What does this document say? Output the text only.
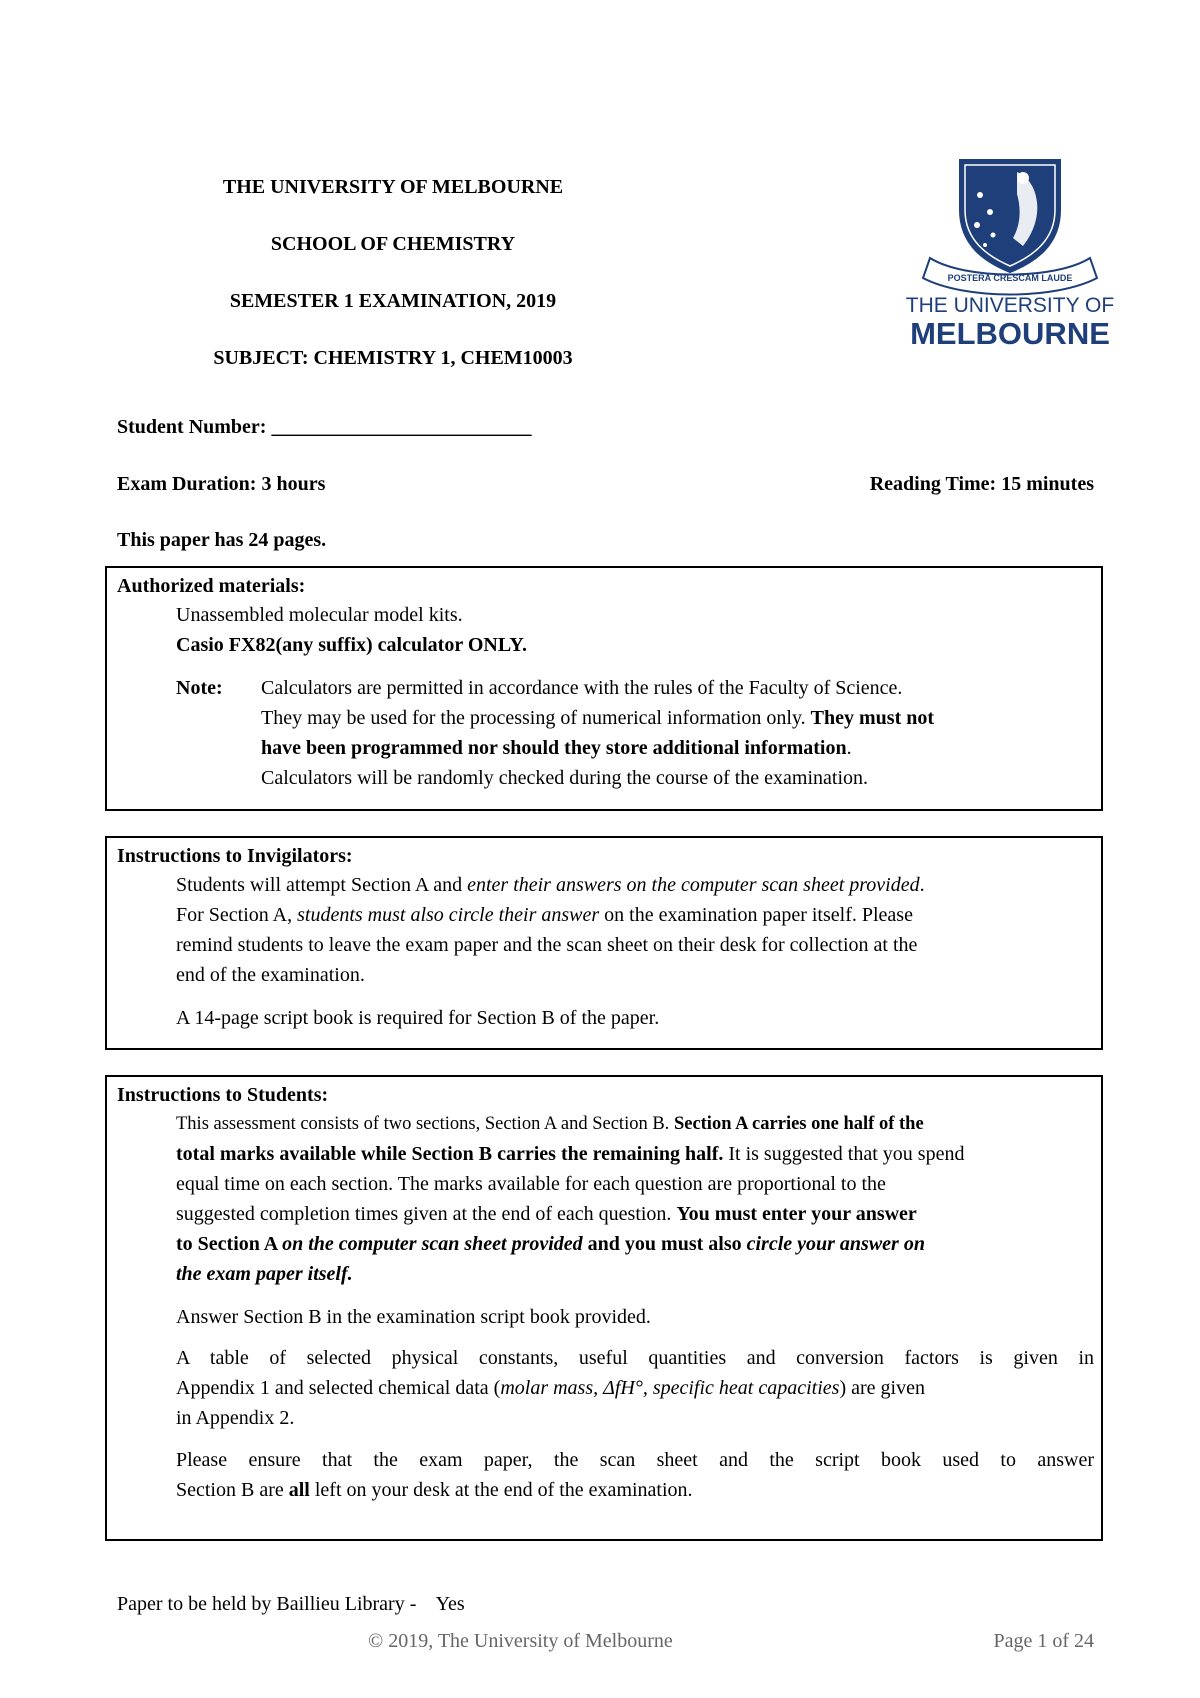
THE UNIVERSITY OF MELBOURNE
SCHOOL OF CHEMISTRY
SEMESTER 1 EXAMINATION, 2019
SUBJECT: CHEMISTRY 1, CHEM10003
POSTERA CRESCAM LAUDE
THE UNIVERSITY OF
MELBOURNE
Student Number: __________________________
Exam Duration: 3 hours	Reading Time: 15 minutes
This paper has 24 pages.
Authorized materials:
Unassembled molecular model kits.
Casio FX82(any suffix) calculator ONLY.
Note: Calculators are permitted in accordance with the rules of the Faculty of Science.
They may be used for the processing of numerical information only. They must not
have been programmed nor should they store additional information.
Calculators will be randomly checked during the course of the examination.
Instructions to Invigilators:
Students will attempt Section A and enter their answers on the computer scan sheet provided.
For Section A, students must also circle their answer on the examination paper itself. Please
remind students to leave the exam paper and the scan sheet on their desk for collection at the
end of the examination.
A 14-page script book is required for Section B of the paper.
Instructions to Students:
This assessment consists of two sections, Section A and Section B. Section A carries one half of the
total marks available while Section B carries the remaining half. It is suggested that you spend
equal time on each section. The marks available for each question are proportional to the
suggested completion times given at the end of each question. You must enter your answer
to Section A on the computer scan sheet provided and you must also circle your answer on
the exam paper itself.
Answer Section B in the examination script book provided.
A table of selected physical constants, useful quantities and conversion factors is given in
Appendix 1 and selected chemical data (molar mass, ΔfH°, specific heat capacities) are given
in Appendix 2.
Please ensure that the exam paper, the scan sheet and the script book used to answer
Section B are all left on your desk at the end of the examination.
Paper to be held by Baillieu Library -    Yes
© 2019, The University of Melbourne	Page 1 of 24
